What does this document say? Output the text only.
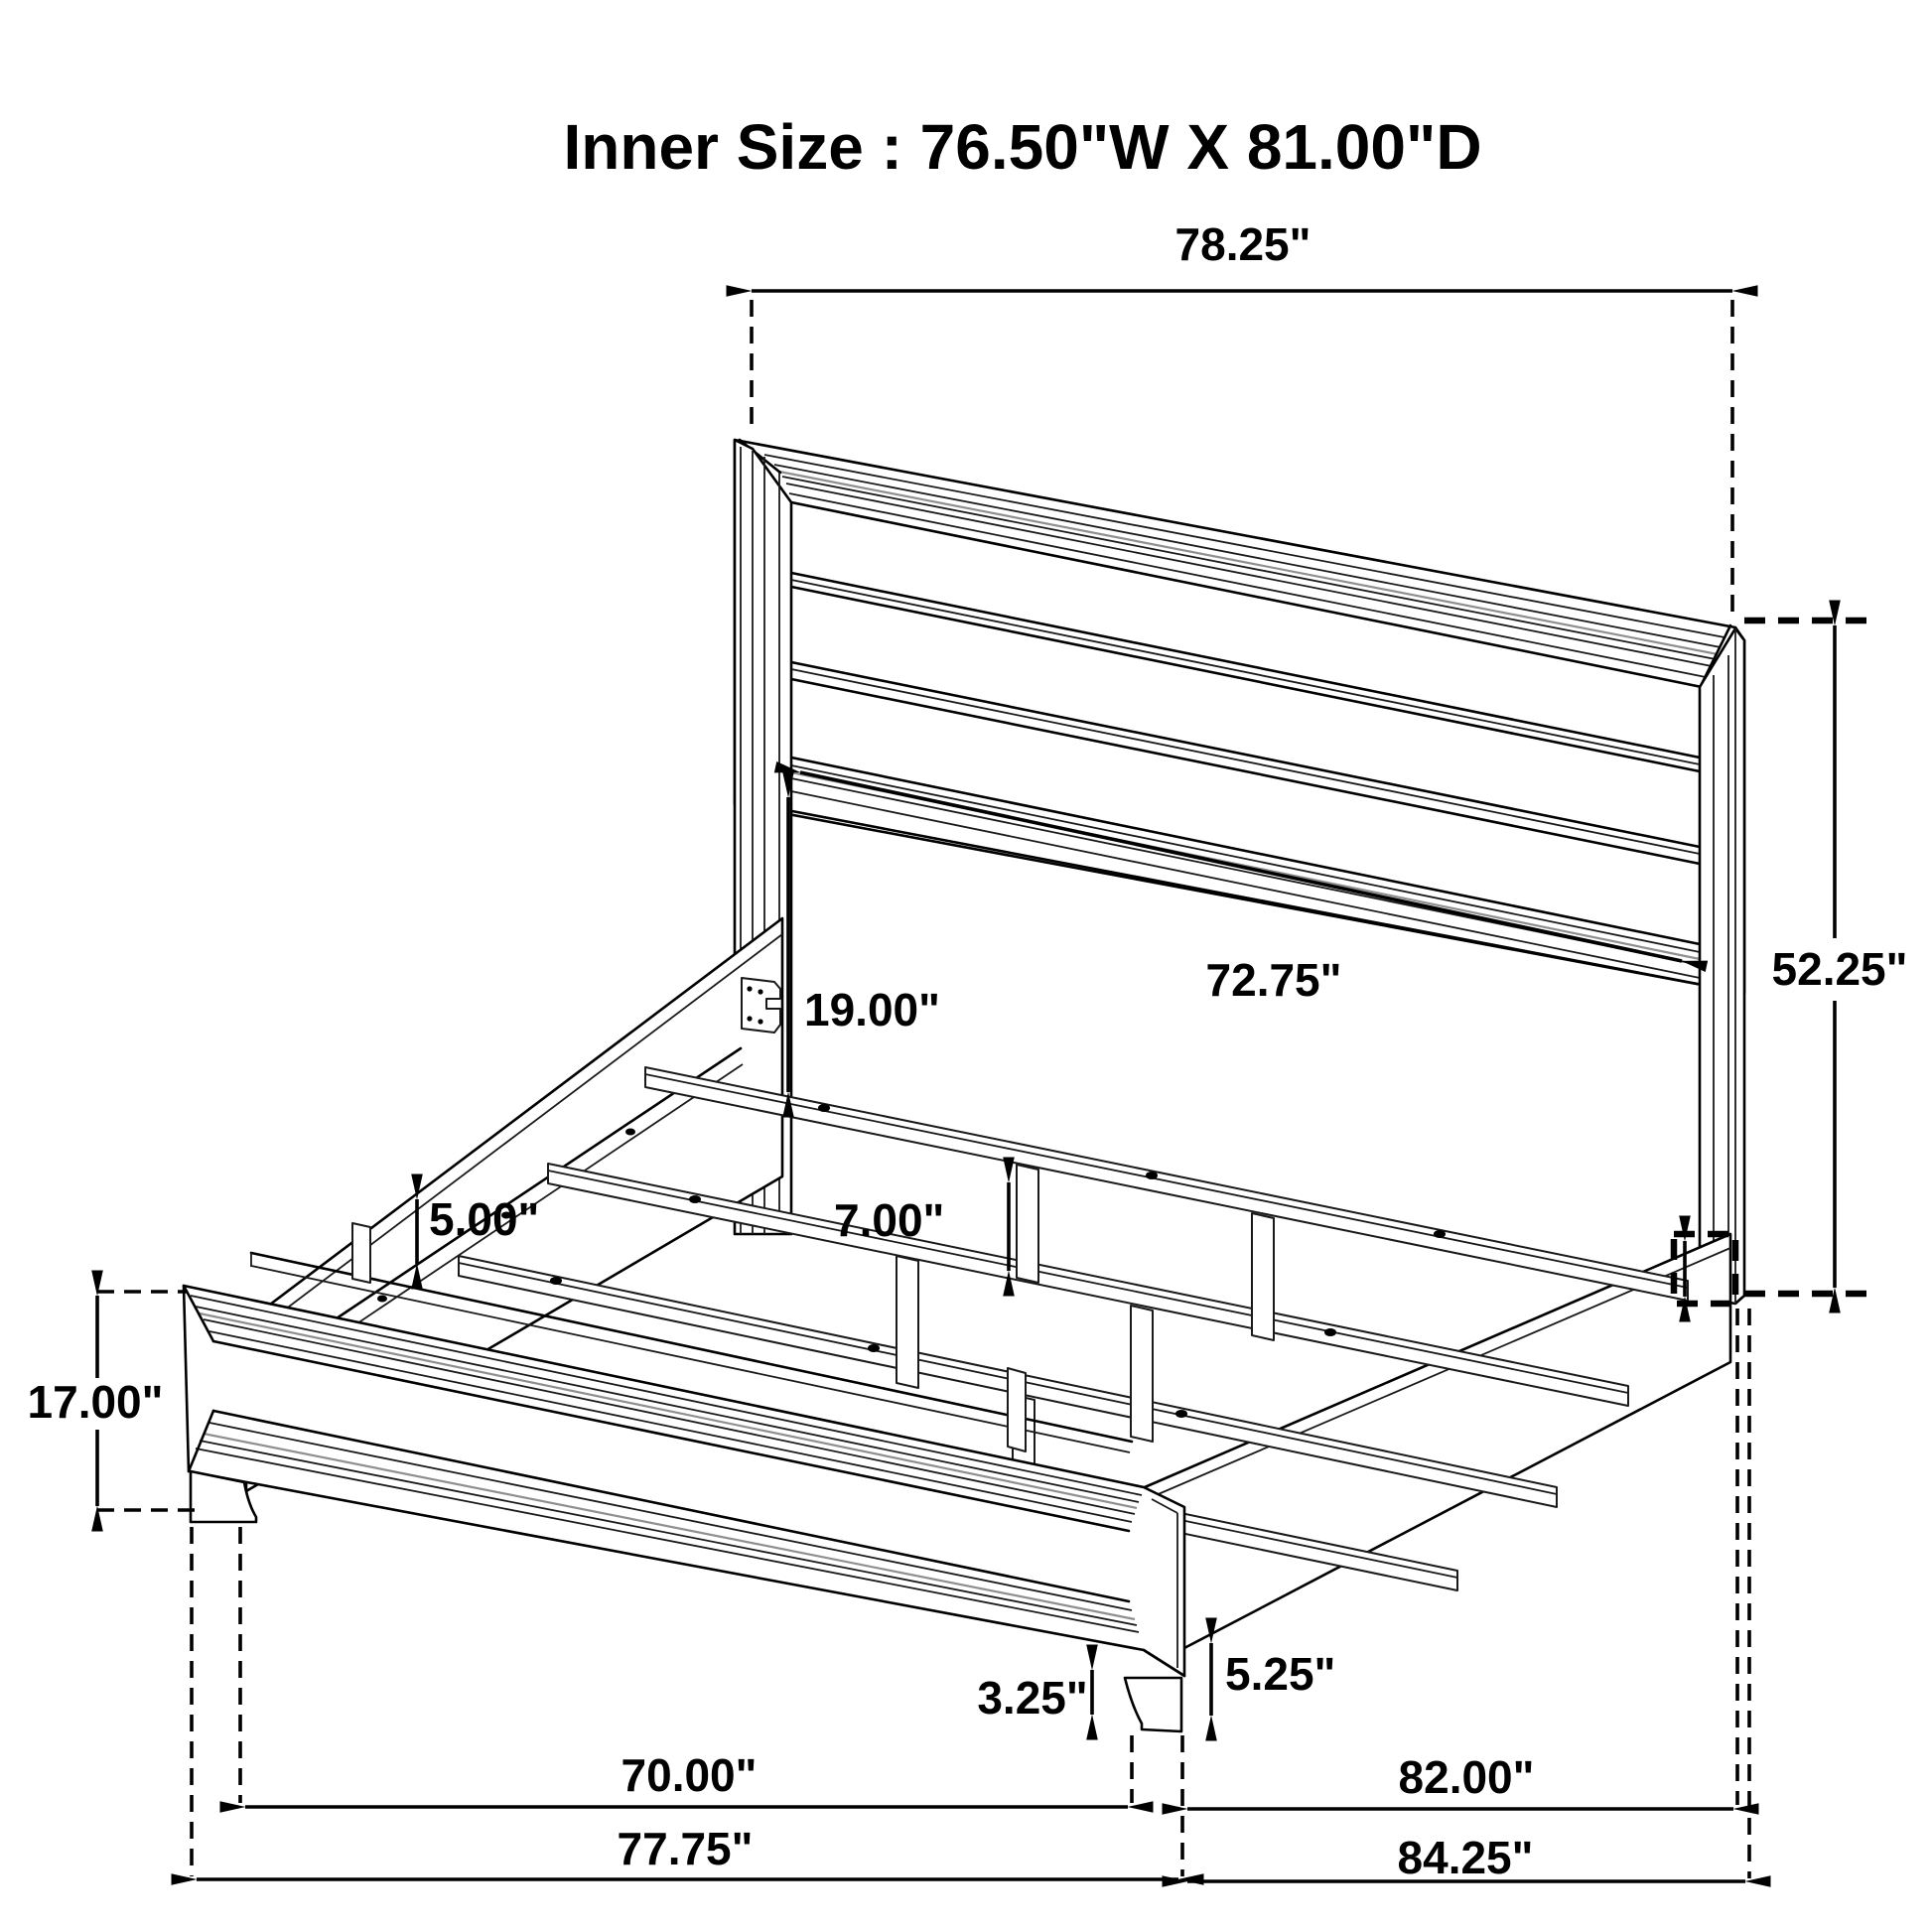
Inner Size : 76.50"W X 81.00"D
78.25"
72.75"	52.25"
19.00"
5.00"	7.00"
17.00"
3.25"	5.25"
70.00"	82.00"
77.75"	84.25"
